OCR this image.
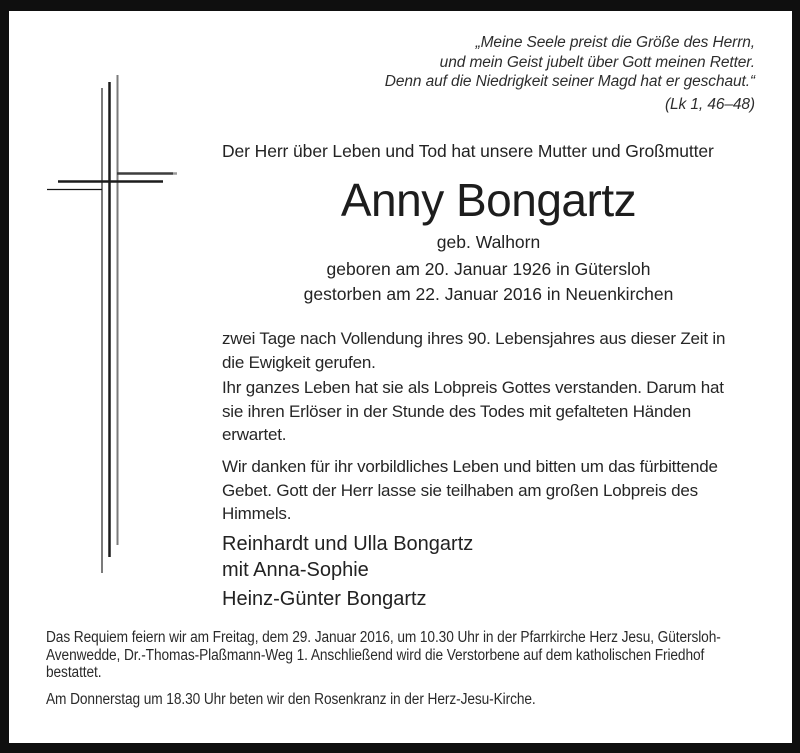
„Meine Seele preist die Größe des Herrn,
und mein Geist jubelt über Gott meinen Retter.
Denn auf die Niedrigkeit seiner Magd hat er geschaut.“
(Lk 1, 46–48)
Der Herr über Leben und Tod hat unsere Mutter und Großmutter
Anny Bongartz
geb. Walhorn
geboren am 20. Januar 1926 in Gütersloh
gestorben am 22. Januar 2016 in Neuenkirchen
zwei Tage nach Vollendung ihres 90. Lebensjahres aus dieser Zeit in
die Ewigkeit gerufen.
Ihr ganzes Leben hat sie als Lobpreis Gottes verstanden. Darum hat
sie ihren Erlöser in der Stunde des Todes mit gefalteten Händen
erwartet.
Wir danken für ihr vorbildliches Leben und bitten um das fürbittende
Gebet. Gott der Herr lasse sie teilhaben am großen Lobpreis des
Himmels.
Reinhardt und Ulla Bongartz
mit Anna-Sophie
Heinz-Günter Bongartz
Das Requiem feiern wir am Freitag, dem 29. Januar 2016, um 10.30 Uhr in der Pfarrkirche Herz Jesu, Gütersloh-
Avenwedde, Dr.-Thomas-Plaßmann-Weg 1. Anschließend wird die Verstorbene auf dem katholischen Friedhof
bestattet.
Am Donnerstag um 18.30 Uhr beten wir den Rosenkranz in der Herz-Jesu-Kirche.
